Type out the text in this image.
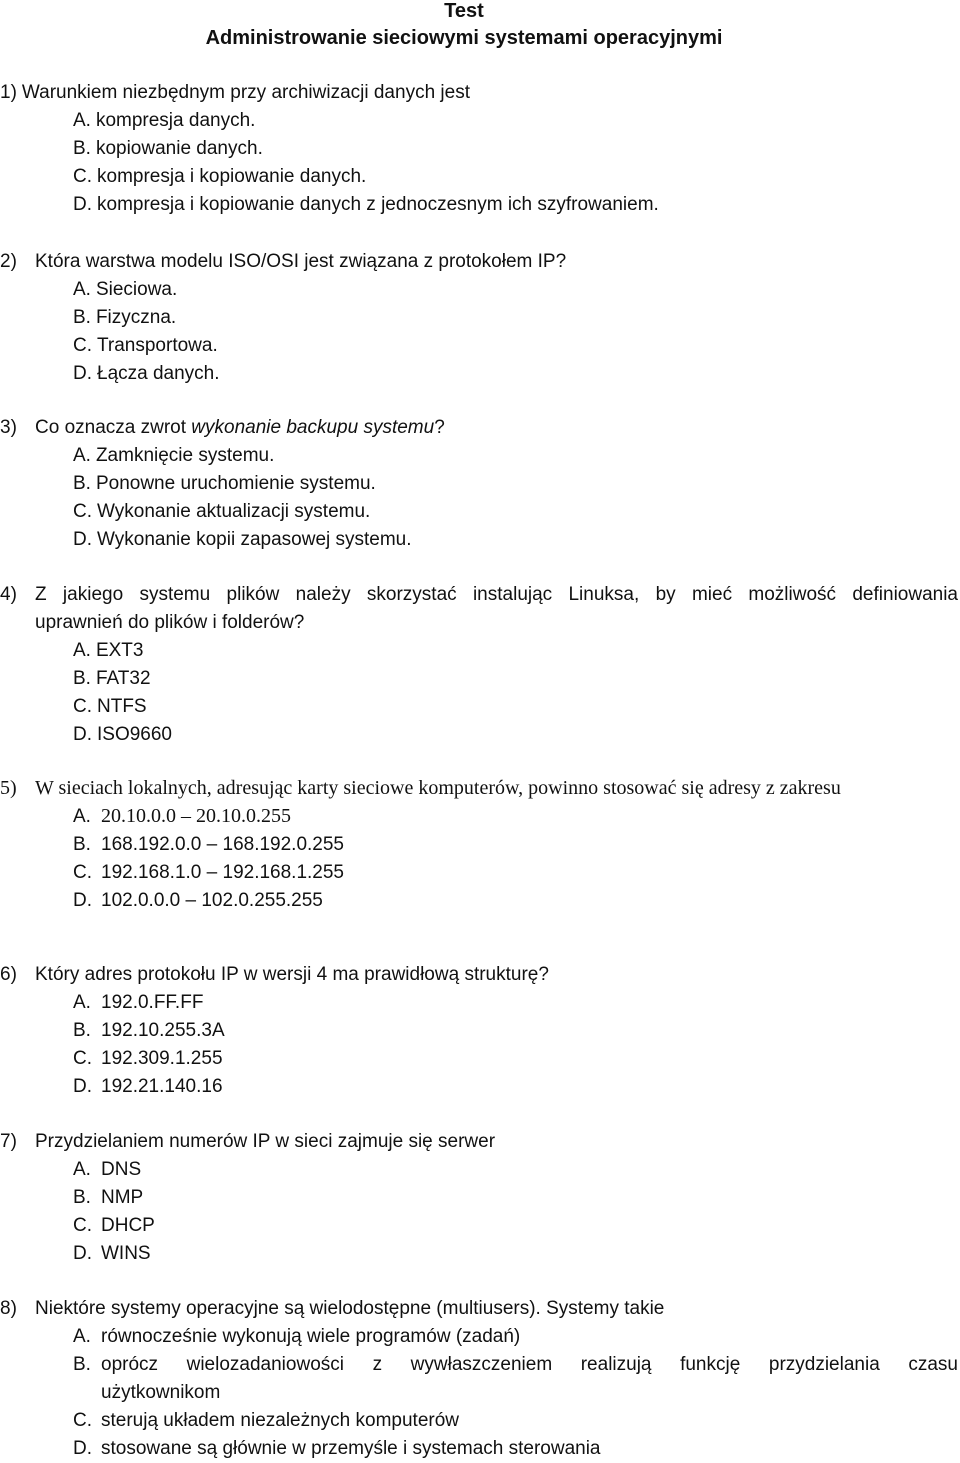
Test
Administrowanie sieciowymi systemami operacyjnymi
1) Warunkiem niezbędnym przy archiwizacji danych jest
A. kompresja danych.
B. kopiowanie danych.
C. kompresja i kopiowanie danych.
D. kompresja i kopiowanie danych z jednoczesnym ich szyfrowaniem.
2) Która warstwa modelu ISO/OSI jest związana z protokołem IP?
A. Sieciowa.
B. Fizyczna.
C. Transportowa.
D. Łącza danych.
3) Co oznacza zwrot wykonanie backupu systemu?
A. Zamknięcie systemu.
B. Ponowne uruchomienie systemu.
C. Wykonanie aktualizacji systemu.
D. Wykonanie kopii zapasowej systemu.
4) Z jakiego systemu plików należy skorzystać instalując Linuksa, by mieć możliwość definiowania
uprawnień do plików i folderów?
A. EXT3
B. FAT32
C. NTFS
D. ISO9660
5) W sieciach lokalnych, adresując karty sieciowe komputerów, powinno stosować się adresy z zakresu
A. 20.10.0.0 – 20.10.0.255
B. 168.192.0.0 – 168.192.0.255
C. 192.168.1.0 – 192.168.1.255
D. 102.0.0.0 – 102.0.255.255
6) Który adres protokołu IP w wersji 4 ma prawidłową strukturę?
A. 192.0.FF.FF
B. 192.10.255.3A
C. 192.309.1.255
D. 192.21.140.16
7) Przydzielaniem numerów IP w sieci zajmuje się serwer
A. DNS
B. NMP
C. DHCP
D. WINS
8) Niektóre systemy operacyjne są wielodostępne (multiusers). Systemy takie
A. równocześnie wykonują wiele programów (zadań)
B. oprócz wielozadaniowości z wywłaszczeniem realizują funkcję przydzielania czasu
użytkownikom
C. sterują układem niezależnych komputerów
D. stosowane są głównie w przemyśle i systemach sterowania
